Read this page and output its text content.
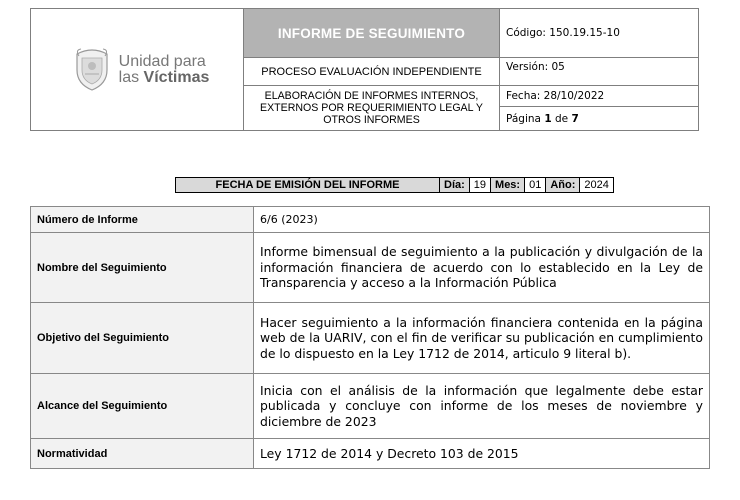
Unidad para
las Víctimas	INFORME DE SEGUIMIENTO	Código: 150.19.15-10
	PROCESO EVALUACIÓN INDEPENDIENTE	Versión: 05
	ELABORACIÓN DE INFORMES INTERNOS, EXTERNOS POR REQUERIMIENTO LEGAL Y OTROS INFORMES	Fecha: 28/10/2022
		Página 1 de 7
FECHA DE EMISIÓN DEL INFORME	Día:	19	Mes:	01	Año:	2024
Número de Informe	6/6 (2023)
Nombre del Seguimiento	Informe bimensual de seguimiento a la publicación y divulgación de la información financiera de acuerdo con lo establecido en la Ley de Transparencia y acceso a la Información Pública
Objetivo del Seguimiento	Hacer seguimiento a la información financiera contenida en la página web de la UARIV, con el fin de verificar su publicación en cumplimiento de lo dispuesto en la Ley 1712 de 2014, articulo 9 literal b).
Alcance del Seguimiento	Inicia con el análisis de la información que legalmente debe estar publicada y concluye con informe de los meses de noviembre y diciembre de 2023
Normatividad	Ley 1712 de 2014 y Decreto 103 de 2015
